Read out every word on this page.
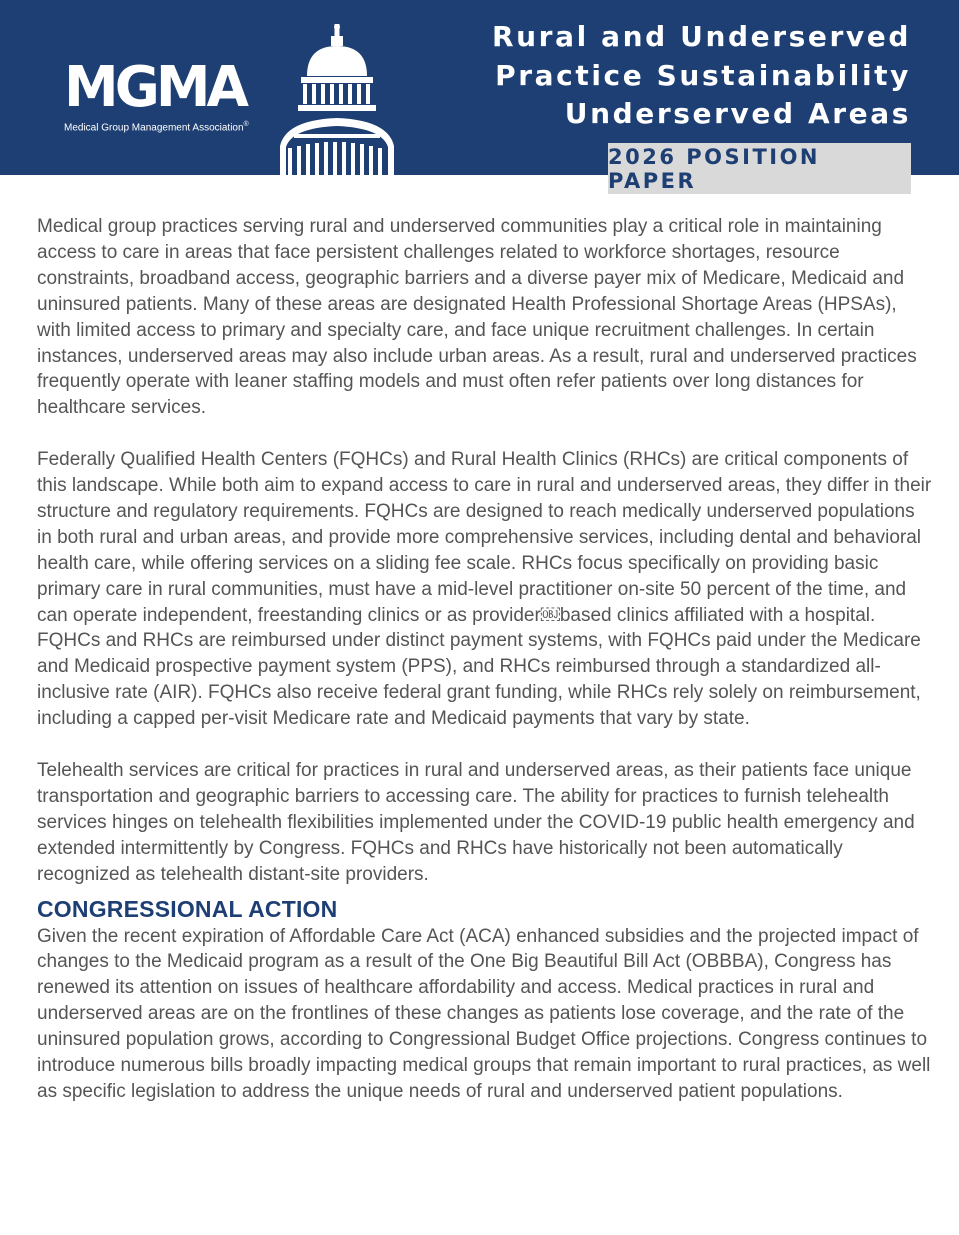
MGMA
Medical Group Management Association®
Rural and Underserved
Practice Sustainability
Underserved Areas
2026 POSITION PAPER

Medical group practices serving rural and underserved communities play a critical role in maintaining access to care in areas that face persistent challenges related to workforce shortages, resource constraints, broadband access, geographic barriers and a diverse payer mix of Medicare, Medicaid and uninsured patients. Many of these areas are designated Health Professional Shortage Areas (HPSAs), with limited access to primary and specialty care, and face unique recruitment challenges. In certain instances, underserved areas may also include urban areas. As a result, rural and underserved practices frequently operate with leaner staffing models and must often refer patients over long distances for healthcare services.

Federally Qualified Health Centers (FQHCs) and Rural Health Clinics (RHCs) are critical components of this landscape. While both aim to expand access to care in rural and underserved areas, they differ in their structure and regulatory requirements. FQHCs are designed to reach medically underserved populations in both rural and urban areas, and provide more comprehensive services, including dental and behavioral health care, while offering services on a sliding fee scale. RHCs focus specifically on providing basic primary care in rural communities, must have a mid-level practitioner on-site 50 percent of the time, and can operate independent, freestanding clinics or as provider￼based clinics affiliated with a hospital. FQHCs and RHCs are reimbursed under distinct payment systems, with FQHCs paid under the Medicare and Medicaid prospective payment system (PPS), and RHCs reimbursed through a standardized all-inclusive rate (AIR). FQHCs also receive federal grant funding, while RHCs rely solely on reimbursement, including a capped per-visit Medicare rate and Medicaid payments that vary by state.

Telehealth services are critical for practices in rural and underserved areas, as their patients face unique transportation and geographic barriers to accessing care. The ability for practices to furnish telehealth services hinges on telehealth flexibilities implemented under the COVID-19 public health emergency and extended intermittently by Congress. FQHCs and RHCs have historically not been automatically recognized as telehealth distant-site providers.

CONGRESSIONAL ACTION

Given the recent expiration of Affordable Care Act (ACA) enhanced subsidies and the projected impact of changes to the Medicaid program as a result of the One Big Beautiful Bill Act (OBBBA), Congress has renewed its attention on issues of healthcare affordability and access. Medical practices in rural and underserved areas are on the frontlines of these changes as patients lose coverage, and the rate of the uninsured population grows, according to Congressional Budget Office projections. Congress continues to introduce numerous bills broadly impacting medical groups that remain important to rural practices, as well as specific legislation to address the unique needs of rural and underserved patient populations.
